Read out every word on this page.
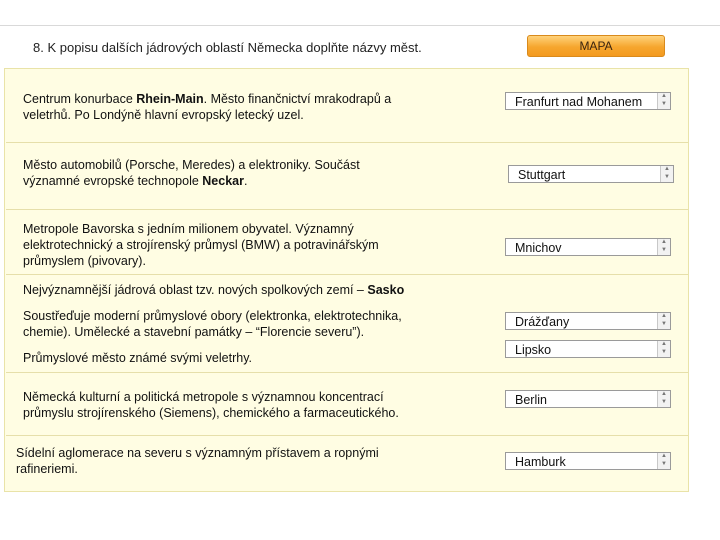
8. K popisu dalších jádrových oblastí Německa doplňte názvy měst.	MAPA
Centrum konurbace Rhein-Main. Město finančnictví mrakodrapů a
veletrhů. Po Londýně hlavní evropský letecký uzel.
Franfurt nad Mohanem	▲
▼
Město automobilů (Porsche, Meredes) a elektroniky. Součást
významné evropské technopole Neckar.	Stuttgart	▲
▼
Metropole Bavorska s jedním milionem obyvatel. Významný
elektrotechnický a strojírenský průmysl (BMW) a potravinářským
průmyslem (pivovary).
Mnichov	▲
▼
Nejvýznamnější jádrová oblast tzv. nových spolkových zemí – Sasko
Soustřeďuje moderní průmyslové obory (elektronka, elektrotechnika,
chemie). Umělecké a stavební památky – “Florencie severu”).
Drážďany	▲
▼
Průmyslové město známé svými veletrhy.
Lipsko	▲
▼
Německá kulturní a politická metropole s významnou koncentrací
průmyslu strojírenského (Siemens), chemického a farmaceutického.
Berlin	▲
▼
Sídelní aglomerace na severu s významným přístavem a ropnými
rafineriemi.	Hamburk	▲
▼
